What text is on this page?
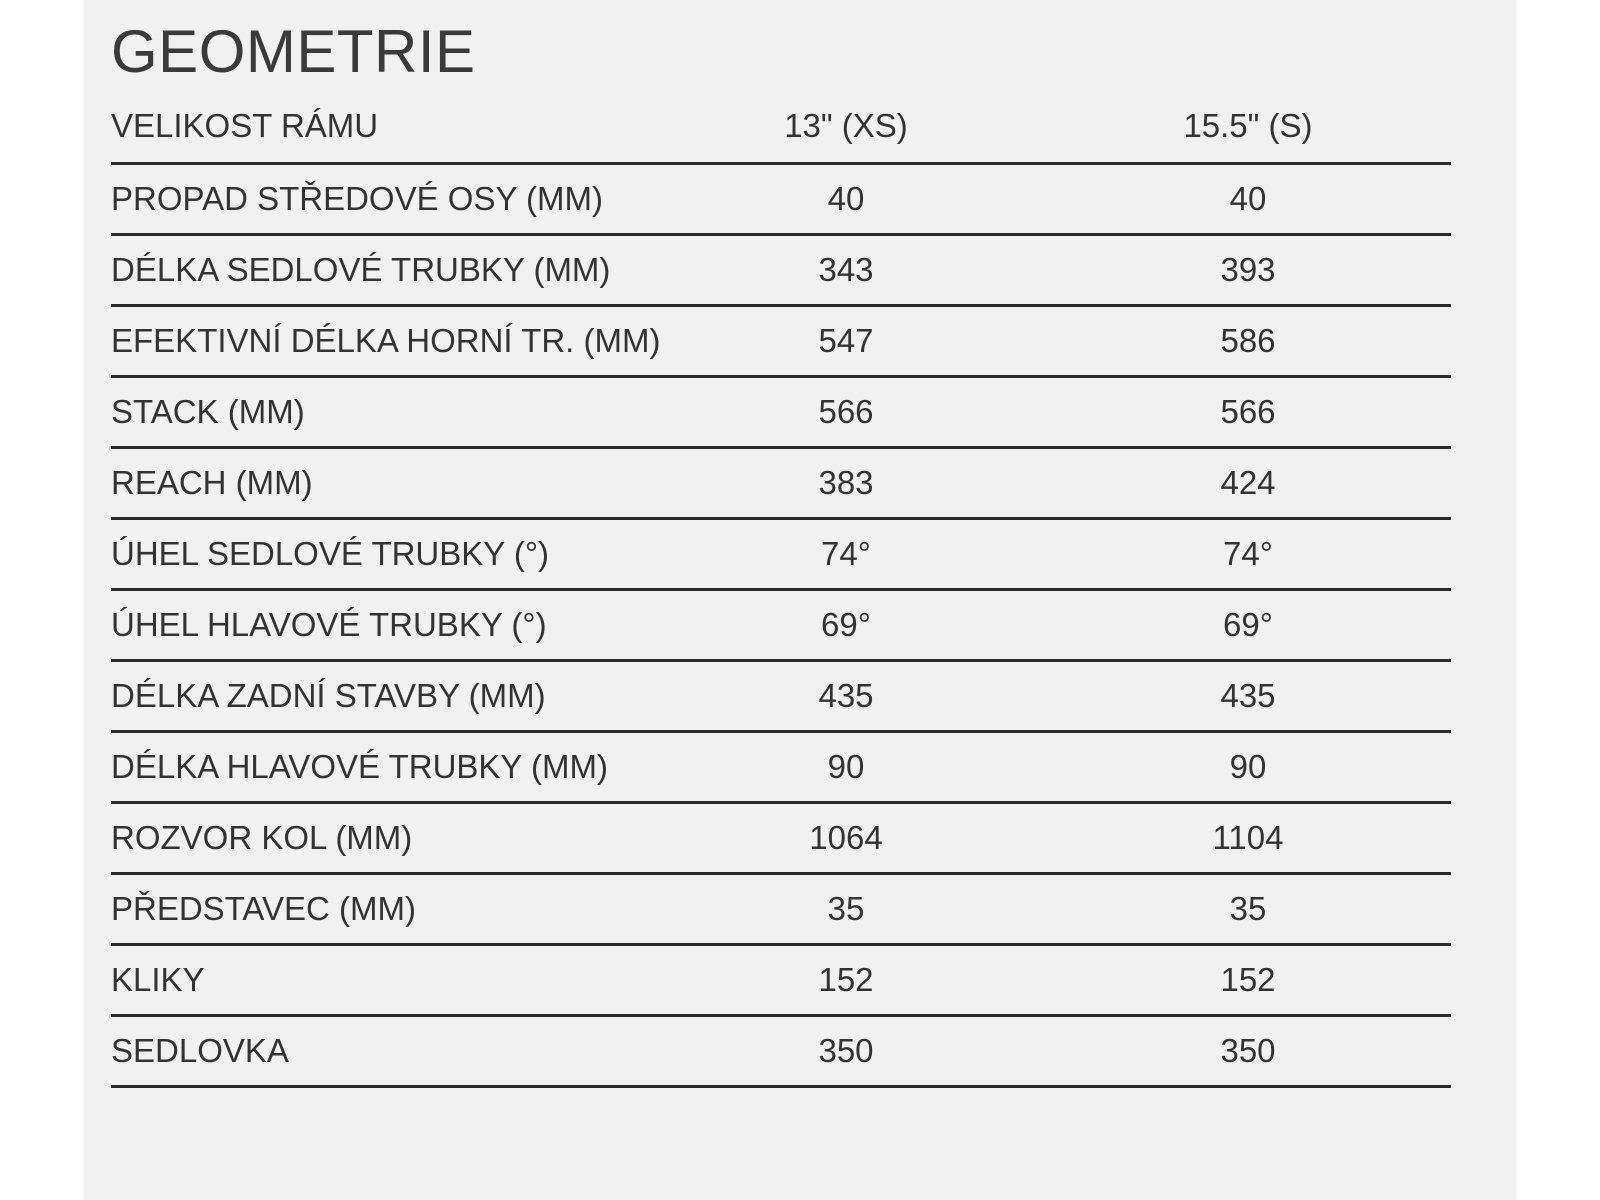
GEOMETRIE
VELIKOST RÁMU	13" (XS)	15.5" (S)
PROPAD STŘEDOVÉ OSY (MM)	40	40
DÉLKA SEDLOVÉ TRUBKY (MM)	343	393
EFEKTIVNÍ DÉLKA HORNÍ TR. (MM)	547	586
STACK (MM)	566	566
REACH (MM)	383	424
ÚHEL SEDLOVÉ TRUBKY (°)	74°	74°
ÚHEL HLAVOVÉ TRUBKY (°)	69°	69°
DÉLKA ZADNÍ STAVBY (MM)	435	435
DÉLKA HLAVOVÉ TRUBKY (MM)	90	90
ROZVOR KOL (MM)	1064	1104
PŘEDSTAVEC (MM)	35	35
KLIKY	152	152
SEDLOVKA	350	350
